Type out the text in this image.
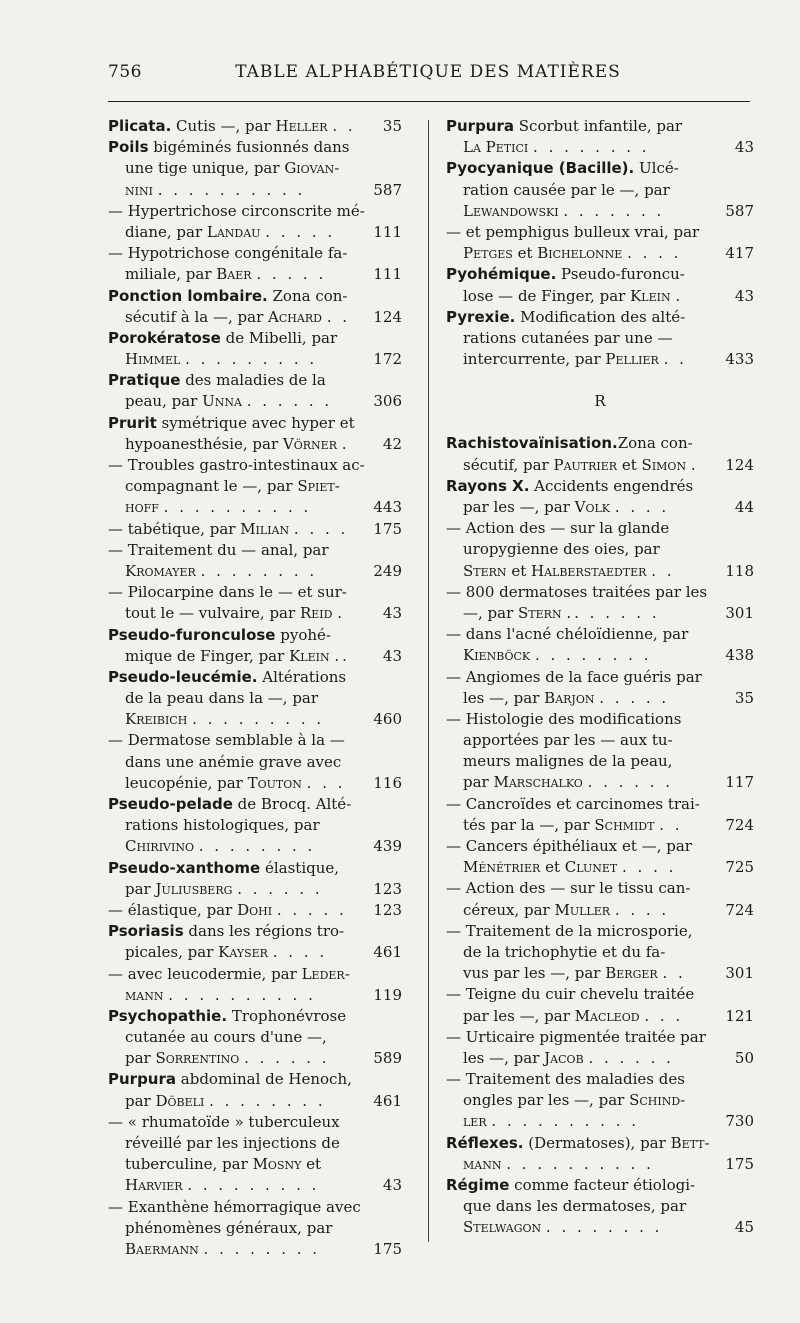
756	TABLE ALPHABÉTIQUE DES MATIÈRES
Plicata. Cutis —, par Heller . . 35
Poils bigéminés fusionnés dans
une tige unique, par Giovan-
nini . . . . . . . . . .	587
— Hypertrichose circonscrite mé-
diane, par Landau . . . . .	111
— Hypotrichose congénitale fa-
miliale, par Baer . . . . .	111
Ponction lombaire. Zona con-
sécutif à la —, par Achard . . 124
Porokératose de Mibelli, par
Himmel . . . . . . . . .	172
Pratique des maladies de la
peau, par Unna . . . . . .	306
Prurit symétrique avec hyper et
hypoanesthésie, par Vörner . 42
— Troubles gastro-intestinaux ac-
compagnant le —, par Spiet-
hoff . . . . . . . . . .	443
— tabétique, par Milian . . . . 175
— Traitement du — anal, par
Kromayer . . . . . . . .	249
— Pilocarpine dans le — et sur-
tout le — vulvaire, par Reid .	43
Pseudo-furonculose pyohé-
mique de Finger, par Klein .. 43
Pseudo-leucémie. Altérations
de la peau dans la —, par
Kreibich . . . . . . . . .	460
— Dermatose semblable à la —
dans une anémie grave avec
leucopénie, par Touton . . . 116
Pseudo-pelade de Brocq. Alté-
rations histologiques, par
Chirivino . . . . . . . .	439
Pseudo-xanthome élastique,
par Juliusberg . . . . . .	123
— élastique, par Dohi . . . . . 123
Psoriasis dans les régions tro-
picales, par Kayser . . . .	461
— avec leucodermie, par Leder-
mann . . . . . . . . . .	119
Psychopathie. Trophonévrose
cutanée au cours d'une —,
par Sorrentino . . . . . .	589
Purpura abdominal de Henoch,
par Döbeli . . . . . . . .	461
— « rhumatoïde » tuberculeux
réveillé par les injections de
tuberculine, par Mosny et
Harvier . . . . . . . . .	43
— Exanthène hémorragique avec
phénomènes généraux, par
Baermann . . . . . . . .	175
Purpura Scorbut infantile, par
La Petici . . . . . . . .	43
Pyocyanique (Bacille). Ulcé-
ration causée par le —, par
Lewandowski . . . . . . .	587
— et pemphigus bulleux vrai, par
Petges et Bichelonne . . . .	417
Pyohémique. Pseudo-furoncu-
lose — de Finger, par Klein .	43
Pyrexie. Modification des alté-
rations cutanées par une —
intercurrente, par Pellier . .	433
R
Rachistovaïnisation.Zona con-
sécutif, par Pautrier et Simon . 124
Rayons X. Accidents engendrés
par les —, par Volk . . . .	44
— Action des — sur la glande
uropygienne des oies, par
Stern et Halberstaedter . .	118
— 800 dermatoses traitées par les
—, par Stern .. . . . . .	301
— dans l'acné chéloïdienne, par
Kienböck . . . . . . . .	438
— Angiomes de la face guéris par
les —, par Barjon . . . . .	35
— Histologie des modifications
apportées par les — aux tu-
meurs malignes de la peau,
par Marschalko . . . . . .	117
— Cancroïdes et carcinomes trai-
tés par la —, par Schmidt . .	724
— Cancers épithéliaux et —, par
Ménétrier et Clunet . . . .	725
— Action des — sur le tissu can-
céreux, par Muller . . . .	724
— Traitement de la microsporie,
de la trichophytie et du fa-
vus par les —, par Berger . .	301
— Teigne du cuir chevelu traitée
par les —, par Macleod . . .	121
— Urticaire pigmentée traitée par
les —, par Jacob . . . . . .	50
— Traitement des maladies des
ongles par les —, par Schind-
ler . . . . . . . . . .	730
Réflexes. (Dermatoses), par Bett-
mann . . . . . . . . . .	175
Régime comme facteur étiologi-
que dans les dermatoses, par
Stelwagon . . . . . . . .	45
